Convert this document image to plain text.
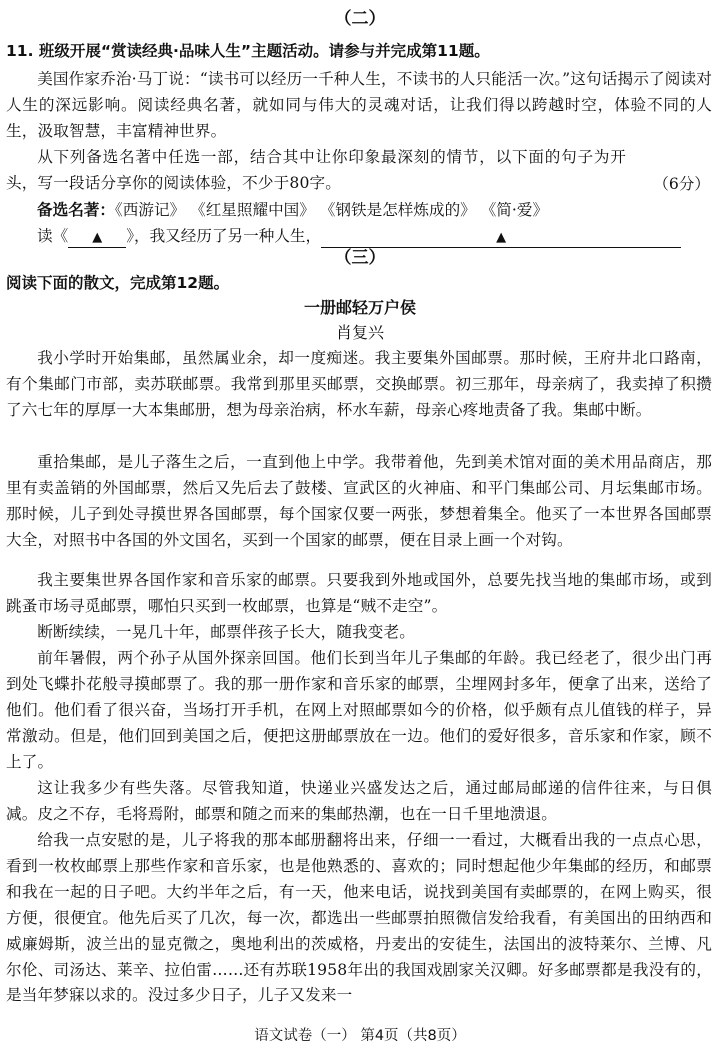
（二）
11. 班级开展“赏读经典·品味人生”主题活动。请参与并完成第11题。
美国作家乔治·马丁说：“读书可以经历一千种人生，不读书的人只能活一次。”这句话揭示了阅读对人生的深远影响。阅读经典名著，就如同与伟大的灵魂对话，让我们得以跨越时空，体验不同的人生，汲取智慧，丰富精神世界。
从下列备选名著中任选一部，结合其中让你印象最深刻的情节，以下面的句子为开头，写一段话分享你的阅读体验，不少于80字。	（6分）
备选名著：《西游记》 《红星照耀中国》 《钢铁是怎样炼成的》 《简·爱》
读《 ▲ 》，我又经历了另一种人生，	▲
（三）
阅读下面的散文，完成第12题。
一册邮轻万户侯
肖复兴
我小学时开始集邮，虽然属业余，却一度痴迷。我主要集外国邮票。那时候，王府井北口路南，有个集邮门市部，卖苏联邮票。我常到那里买邮票，交换邮票。初三那年，母亲病了，我卖掉了积攒了六七年的厚厚一大本集邮册，想为母亲治病，杯水车薪，母亲心疼地责备了我。集邮中断。
重拾集邮，是儿子落生之后，一直到他上中学。我带着他，先到美术馆对面的美术用品商店，那里有卖盖销的外国邮票，然后又先后去了鼓楼、宣武区的火神庙、和平门集邮公司、月坛集邮市场。那时候，儿子到处寻摸世界各国邮票，每个国家仅要一两张，梦想着集全。他买了一本世界各国邮票大全，对照书中各国的外文国名，买到一个国家的邮票，便在目录上画一个对钩。
我主要集世界各国作家和音乐家的邮票。只要我到外地或国外，总要先找当地的集邮市场，或到跳蚤市场寻觅邮票，哪怕只买到一枚邮票，也算是“贼不走空”。
断断续续，一晃几十年，邮票伴孩子长大，随我变老。
前年暑假，两个孙子从国外探亲回国。他们长到当年儿子集邮的年龄。我已经老了，很少出门再到处飞蝶扑花般寻摸邮票了。我的那一册作家和音乐家的邮票，尘埋网封多年，便拿了出来，送给了他们。他们看了很兴奋，当场打开手机，在网上对照邮票如今的价格，似乎颇有点儿值钱的样子，异常激动。但是，他们回到美国之后，便把这册邮票放在一边。他们的爱好很多，音乐家和作家，顾不上了。
这让我多少有些失落。尽管我知道，快递业兴盛发达之后，通过邮局邮递的信件往来，与日俱减。皮之不存，毛将焉附，邮票和随之而来的集邮热潮，也在一日千里地溃退。
给我一点安慰的是，儿子将我的那本邮册翻将出来，仔细一一看过，大概看出我的一点点心思，看到一枚枚邮票上那些作家和音乐家，也是他熟悉的、喜欢的；同时想起他少年集邮的经历，和邮票和我在一起的日子吧。大约半年之后，有一天，他来电话，说找到美国有卖邮票的，在网上购买，很方便，很便宜。他先后买了几次，每一次，都选出一些邮票拍照微信发给我看，有美国出的田纳西和威廉姆斯，波兰出的显克微之，奥地利出的茨威格，丹麦出的安徒生，法国出的波特莱尔、兰博、凡尔伦、司汤达、莱辛、拉伯雷……还有苏联1958年出的我国戏剧家关汉卿。好多邮票都是我没有的，是当年梦寐以求的。没过多少日子，儿子又发来一
语文试卷（一） 第4页（共8页）
